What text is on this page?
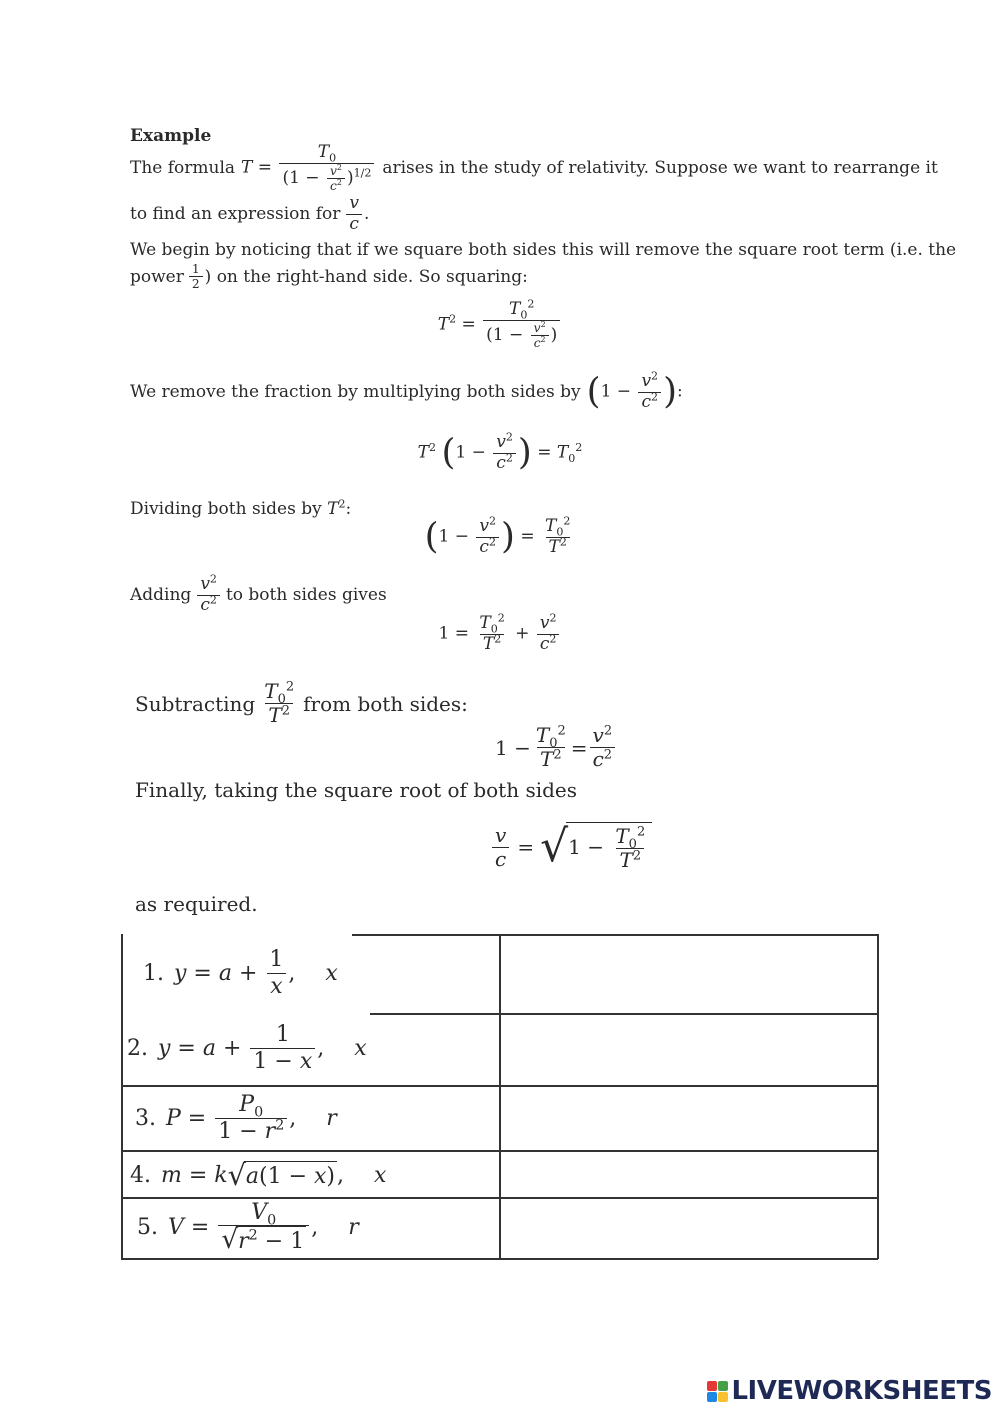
Example
The formula $T = \frac{T_0}{(1 - \frac{v^2}{c^2} )^{1/2}}$ arises in the study of relativity. Suppose we want to rearrange it
to find an expression for $\frac{v}{c}$ .
We begin by noticing that if we square both sides this will remove the square root term (i.e. the
power $\frac{1}{2}$ ) on the right-hand side. So squaring:
$T^2 = \frac{T_0^2}{(1 - \frac{v^2}{c^2} )}$
We remove the fraction by multiplying both sides by ($1 - \frac{v^2}{c^2}$ ):
$T^2$ ($1 - \frac{v^2}{c^2}$ ) = $T_0^2$
Dividing both sides by $T^2$:
($1 - \frac{v^2}{c^2}$ ) = $\frac{T_0^2}{T^2}$
Adding $\frac{v^2}{c^2}$ to both sides gives
$1 = \frac{T_0^2}{T^2} + \frac{v^2}{c^2}$
Subtracting $\frac{T_0^2}{T^2}$ from both sides:
$1 - \frac{T_0^2}{T^2} = \frac{v^2}{c^2}$
Finally, taking the square root of both sides
$\frac{v}{c}$ = √ $1 - \frac{T_0^2}{T^2}$
as required.
1. $y = a + \frac{1}{x}$ , x
2. $y = a + \frac{1}{1 - x}$ , x
3. $P = \frac{P_0}{1 - r^2}$ , r
4. m = k √ a(1 − x) , x
5. $V = \frac{V_0}{√ r^2 - 1}$ , r
LIVEWORKSHEETS
